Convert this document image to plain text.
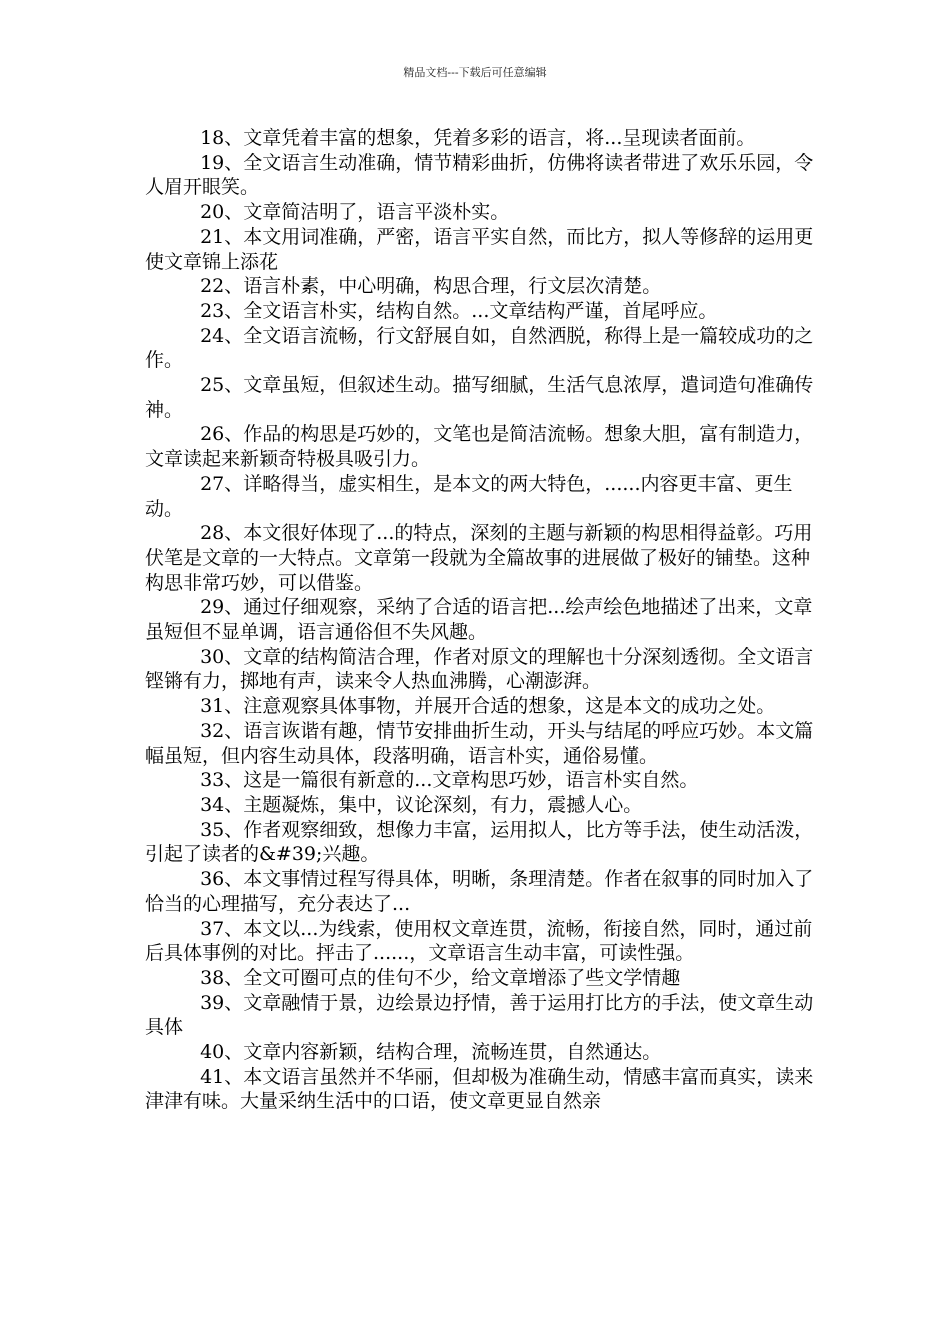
精品文档---下载后可任意编辑

18、文章凭着丰富的想象，凭着多彩的语言，将...呈现读者面前。

19、全文语言生动准确，情节精彩曲折，仿佛将读者带进了欢乐乐园，令人眉开眼笑。

20、文章简洁明了，语言平淡朴实。

21、本文用词准确，严密，语言平实自然，而比方，拟人等修辞的运用更使文章锦上添花

22、语言朴素，中心明确，构思合理，行文层次清楚。

23、全文语言朴实，结构自然。...文章结构严谨，首尾呼应。

24、全文语言流畅，行文舒展自如，自然洒脱，称得上是一篇较成功的之作。

25、文章虽短，但叙述生动。描写细腻，生活气息浓厚，遣词造句准确传神。

26、作品的构思是巧妙的，文笔也是简洁流畅。想象大胆，富有制造力，文章读起来新颖奇特极具吸引力。

27、详略得当，虚实相生，是本文的两大特色，......内容更丰富、更生动。

28、本文很好体现了...的特点，深刻的主题与新颖的构思相得益彰。巧用伏笔是文章的一大特点。文章第一段就为全篇故事的进展做了极好的铺垫。这种构思非常巧妙，可以借鉴。

29、通过仔细观察，采纳了合适的语言把...绘声绘色地描述了出来，文章虽短但不显单调，语言通俗但不失风趣。

30、文章的结构简洁合理，作者对原文的理解也十分深刻透彻。全文语言铿锵有力，掷地有声，读来令人热血沸腾，心潮澎湃。

31、注意观察具体事物，并展开合适的想象，这是本文的成功之处。

32、语言诙谐有趣，情节安排曲折生动，开头与结尾的呼应巧妙。本文篇幅虽短，但内容生动具体，段落明确，语言朴实，通俗易懂。

33、这是一篇很有新意的...文章构思巧妙，语言朴实自然。

34、主题凝炼，集中，议论深刻，有力，震撼人心。

35、作者观察细致，想像力丰富，运用拟人，比方等手法，使生动活泼，引起了读者的&#39;兴趣。

36、本文事情过程写得具体，明晰，条理清楚。作者在叙事的同时加入了恰当的心理描写，充分表达了...

37、本文以...为线索，使用权文章连贯，流畅，衔接自然，同时，通过前后具体事例的对比。抨击了......，文章语言生动丰富，可读性强。

38、全文可圈可点的佳句不少，给文章增添了些文学情趣

39、文章融情于景，边绘景边抒情，善于运用打比方的手法，使文章生动具体

40、文章内容新颖，结构合理，流畅连贯，自然通达。

41、本文语言虽然并不华丽，但却极为准确生动，情感丰富而真实，读来津津有味。大量采纳生活中的口语，使文章更显自然亲
